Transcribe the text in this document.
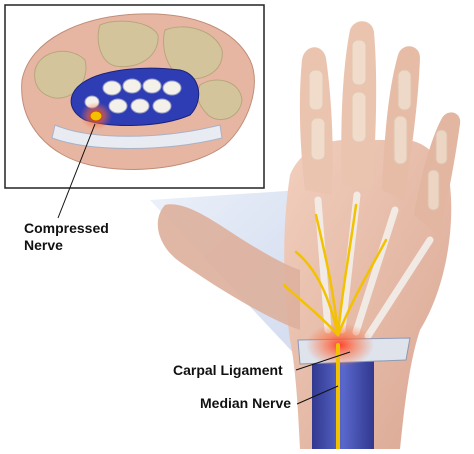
Compressed
Nerve
Carpal Ligament
Median Nerve
